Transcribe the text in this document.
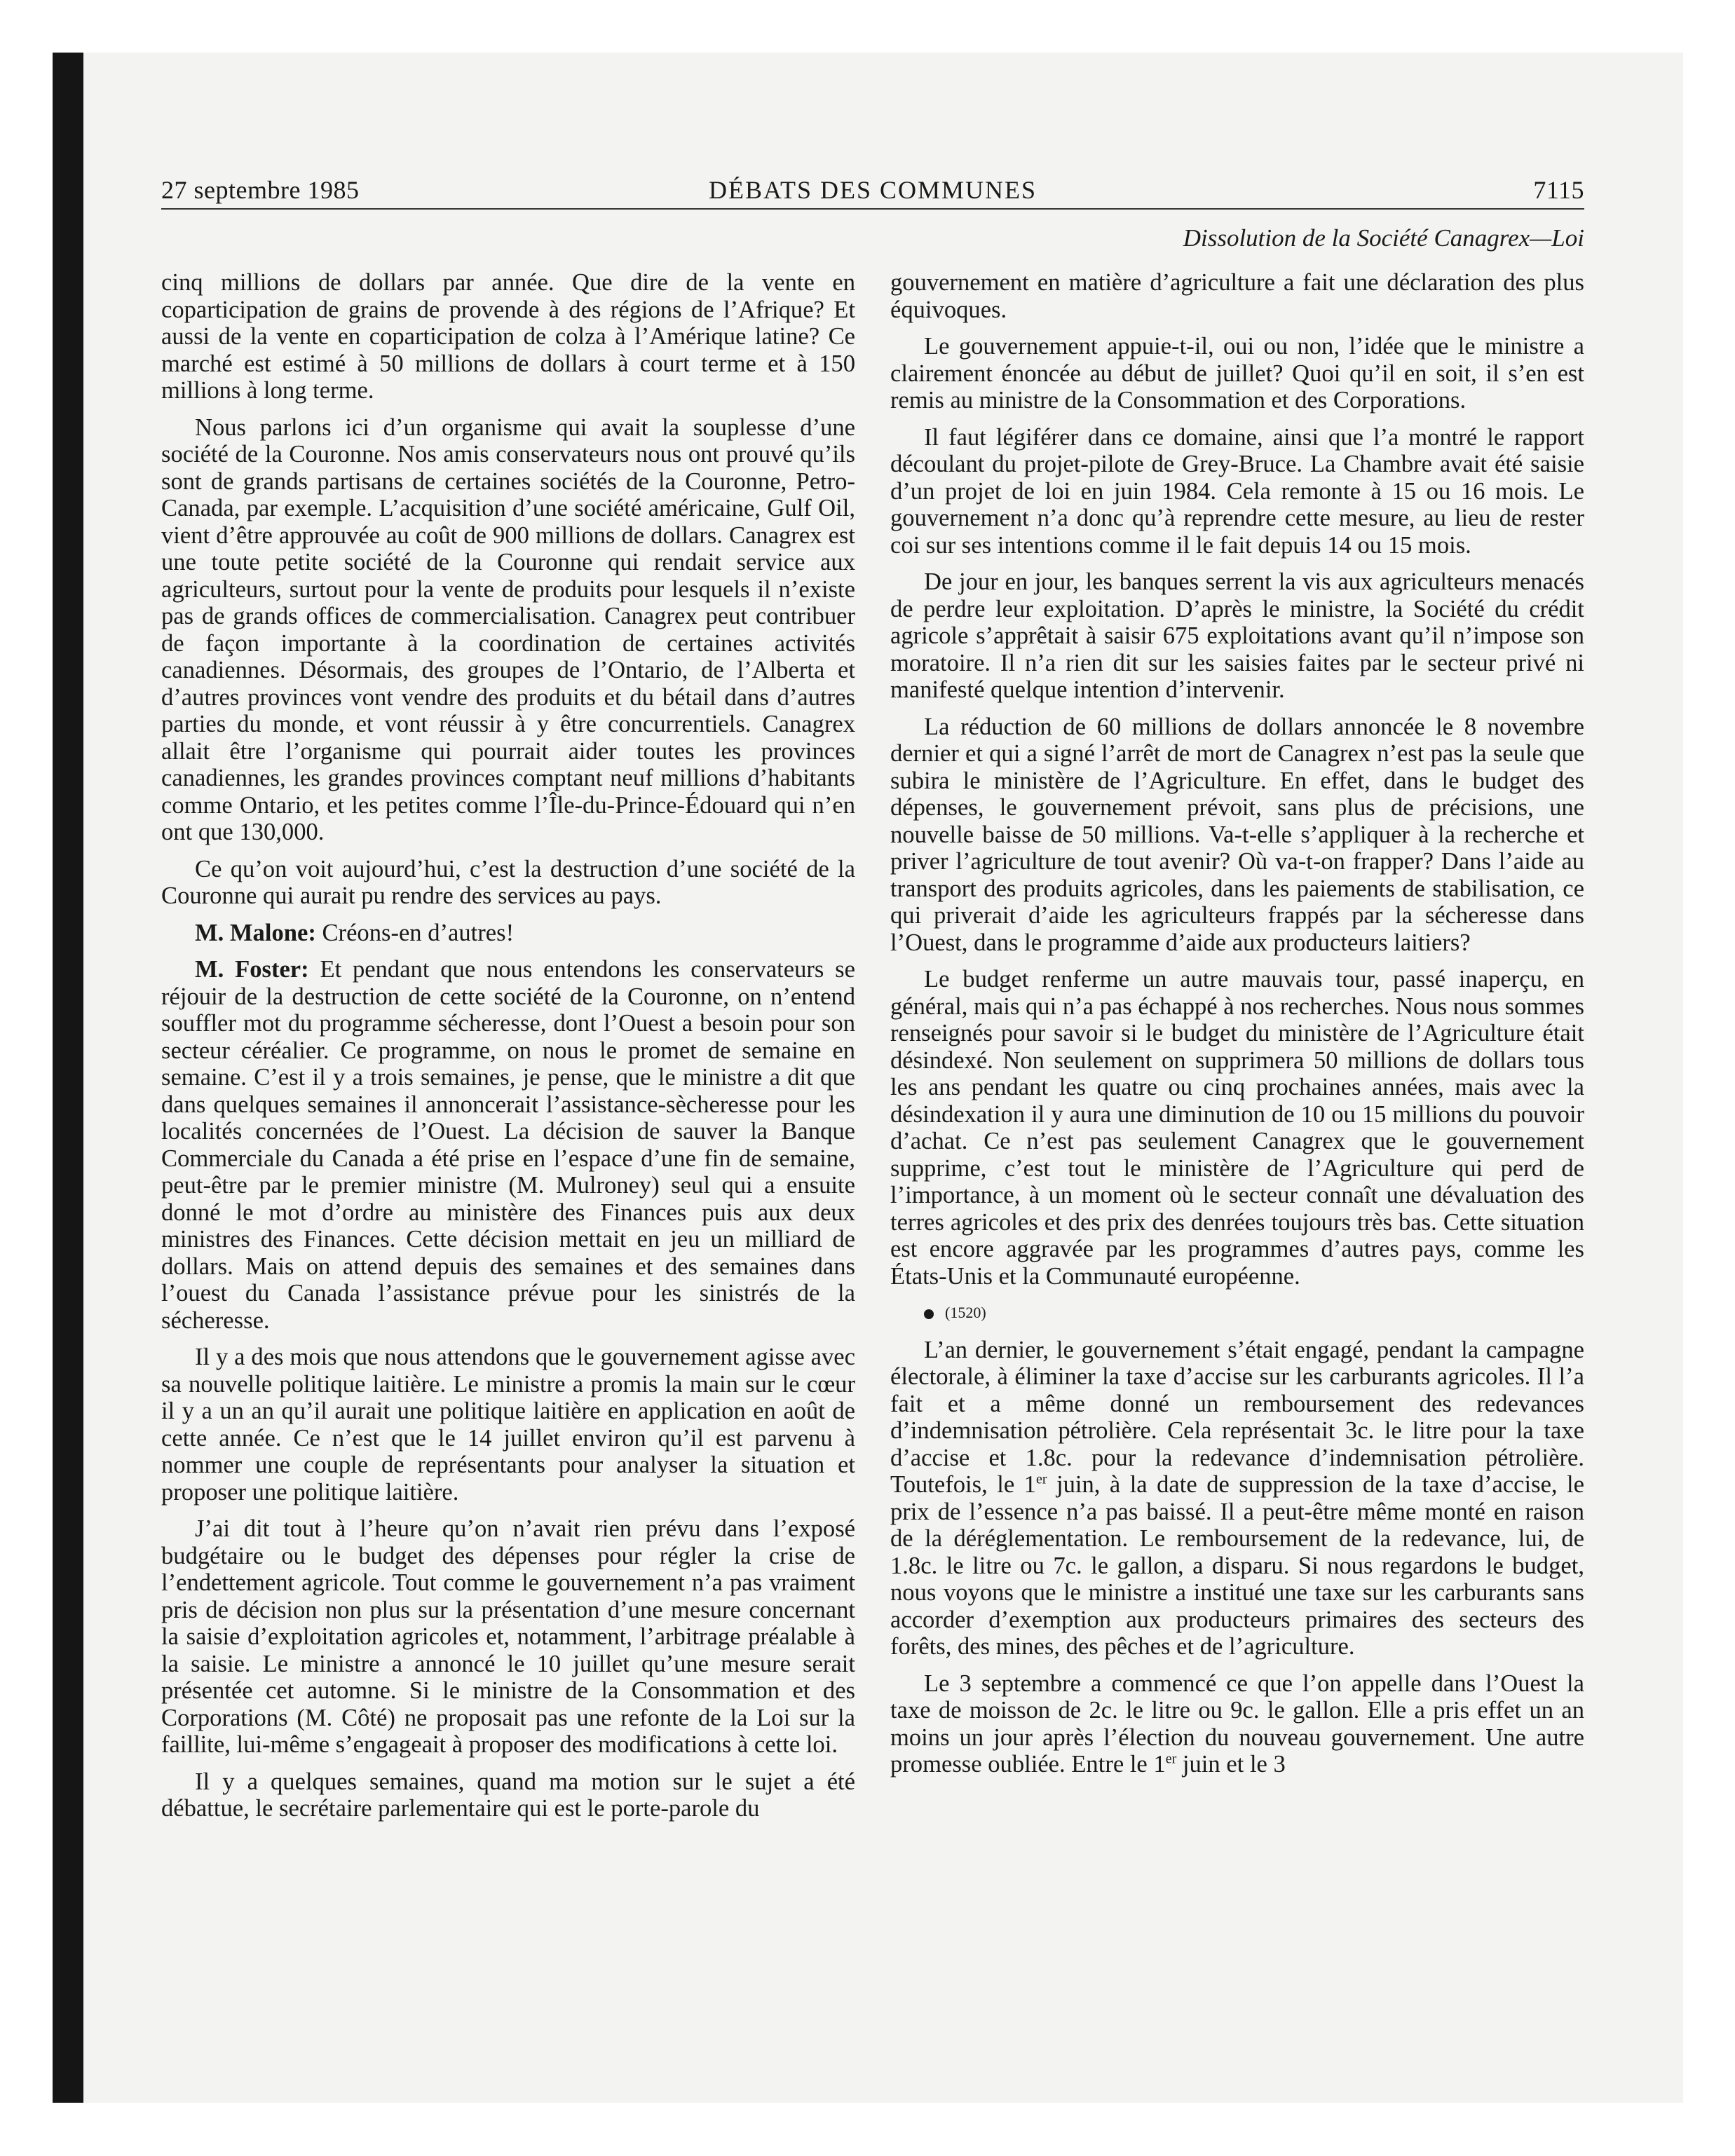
27 septembre 1985	DÉBATS DES COMMUNES	7115
Dissolution de la Société Canagrex—Loi

cinq millions de dollars par année. Que dire de la vente en coparticipation de grains de provende à des régions de l’Afrique? Et aussi de la vente en coparticipation de colza à l’Amérique latine? Ce marché est estimé à 50 millions de dollars à court terme et à 150 millions à long terme.

Nous parlons ici d’un organisme qui avait la souplesse d’une société de la Couronne. Nos amis conservateurs nous ont prouvé qu’ils sont de grands partisans de certaines sociétés de la Couronne, Petro-Canada, par exemple. L’acquisition d’une société américaine, Gulf Oil, vient d’être approuvée au coût de 900 millions de dollars. Canagrex est une toute petite société de la Couronne qui rendait service aux agriculteurs, surtout pour la vente de produits pour lesquels il n’existe pas de grands offices de commercialisation. Canagrex peut contribuer de façon importante à la coordination de certaines activités canadiennes. Désormais, des groupes de l’Ontario, de l’Alberta et d’autres provinces vont vendre des produits et du bétail dans d’autres parties du monde, et vont réussir à y être concurrentiels. Canagrex allait être l’organisme qui pourrait aider toutes les provinces canadiennes, les grandes provinces comptant neuf millions d’habitants comme Ontario, et les petites comme l’Île-du-Prince-Édouard qui n’en ont que 130,000.

Ce qu’on voit aujourd’hui, c’est la destruction d’une société de la Couronne qui aurait pu rendre des services au pays.

M. Malone: Créons-en d’autres!

M. Foster: Et pendant que nous entendons les conservateurs se réjouir de la destruction de cette société de la Couronne, on n’entend souffler mot du programme sécheresse, dont l’Ouest a besoin pour son secteur céréalier. Ce programme, on nous le promet de semaine en semaine. C’est il y a trois semaines, je pense, que le ministre a dit que dans quelques semaines il annoncerait l’assistance-sècheresse pour les localités concernées de l’Ouest. La décision de sauver la Banque Commerciale du Canada a été prise en l’espace d’une fin de semaine, peut-être par le premier ministre (M. Mulroney) seul qui a ensuite donné le mot d’ordre au ministère des Finances puis aux deux ministres des Finances. Cette décision mettait en jeu un milliard de dollars. Mais on attend depuis des semaines et des semaines dans l’ouest du Canada l’assistance prévue pour les sinistrés de la sécheresse.

Il y a des mois que nous attendons que le gouvernement agisse avec sa nouvelle politique laitière. Le ministre a promis la main sur le cœur il y a un an qu’il aurait une politique laitière en application en août de cette année. Ce n’est que le 14 juillet environ qu’il est parvenu à nommer une couple de représentants pour analyser la situation et proposer une politique laitière.

J’ai dit tout à l’heure qu’on n’avait rien prévu dans l’exposé budgétaire ou le budget des dépenses pour régler la crise de l’endettement agricole. Tout comme le gouvernement n’a pas vraiment pris de décision non plus sur la présentation d’une mesure concernant la saisie d’exploitation agricoles et, notamment, l’arbitrage préalable à la saisie. Le ministre a annoncé le 10 juillet qu’une mesure serait présentée cet automne. Si le ministre de la Consommation et des Corporations (M. Côté) ne proposait pas une refonte de la Loi sur la faillite, lui-même s’engageait à proposer des modifications à cette loi.

Il y a quelques semaines, quand ma motion sur le sujet a été débattue, le secrétaire parlementaire qui est le porte-parole du

gouvernement en matière d’agriculture a fait une déclaration des plus équivoques.

Le gouvernement appuie-t-il, oui ou non, l’idée que le ministre a clairement énoncée au début de juillet? Quoi qu’il en soit, il s’en est remis au ministre de la Consommation et des Corporations.

Il faut légiférer dans ce domaine, ainsi que l’a montré le rapport découlant du projet-pilote de Grey-Bruce. La Chambre avait été saisie d’un projet de loi en juin 1984. Cela remonte à 15 ou 16 mois. Le gouvernement n’a donc qu’à reprendre cette mesure, au lieu de rester coi sur ses intentions comme il le fait depuis 14 ou 15 mois.

De jour en jour, les banques serrent la vis aux agriculteurs menacés de perdre leur exploitation. D’après le ministre, la Société du crédit agricole s’apprêtait à saisir 675 exploitations avant qu’il n’impose son moratoire. Il n’a rien dit sur les saisies faites par le secteur privé ni manifesté quelque intention d’intervenir.

La réduction de 60 millions de dollars annoncée le 8 novembre dernier et qui a signé l’arrêt de mort de Canagrex n’est pas la seule que subira le ministère de l’Agriculture. En effet, dans le budget des dépenses, le gouvernement prévoit, sans plus de précisions, une nouvelle baisse de 50 millions. Va-t-elle s’appliquer à la recherche et priver l’agriculture de tout avenir? Où va-t-on frapper? Dans l’aide au transport des produits agricoles, dans les paiements de stabilisation, ce qui priverait d’aide les agriculteurs frappés par la sécheresse dans l’Ouest, dans le programme d’aide aux producteurs laitiers?

Le budget renferme un autre mauvais tour, passé inaperçu, en général, mais qui n’a pas échappé à nos recherches. Nous nous sommes renseignés pour savoir si le budget du ministère de l’Agriculture était désindexé. Non seulement on supprimera 50 millions de dollars tous les ans pendant les quatre ou cinq prochaines années, mais avec la désindexation il y aura une diminution de 10 ou 15 millions du pouvoir d’achat. Ce n’est pas seulement Canagrex que le gouvernement supprime, c’est tout le ministère de l’Agriculture qui perd de l’importance, à un moment où le secteur connaît une dévaluation des terres agricoles et des prix des denrées toujours très bas. Cette situation est encore aggravée par les programmes d’autres pays, comme les États-Unis et la Communauté européenne.

(1520)

L’an dernier, le gouvernement s’était engagé, pendant la campagne électorale, à éliminer la taxe d’accise sur les carburants agricoles. Il l’a fait et a même donné un remboursement des redevances d’indemnisation pétrolière. Cela représentait 3c. le litre pour la taxe d’accise et 1.8c. pour la redevance d’indemnisation pétrolière. Toutefois, le 1er juin, à la date de suppression de la taxe d’accise, le prix de l’essence n’a pas baissé. Il a peut-être même monté en raison de la déréglementation. Le remboursement de la redevance, lui, de 1.8c. le litre ou 7c. le gallon, a disparu. Si nous regardons le budget, nous voyons que le ministre a institué une taxe sur les carburants sans accorder d’exemption aux producteurs primaires des secteurs des forêts, des mines, des pêches et de l’agriculture.

Le 3 septembre a commencé ce que l’on appelle dans l’Ouest la taxe de moisson de 2c. le litre ou 9c. le gallon. Elle a pris effet un an moins un jour après l’élection du nouveau gouvernement. Une autre promesse oubliée. Entre le 1er juin et le 3
